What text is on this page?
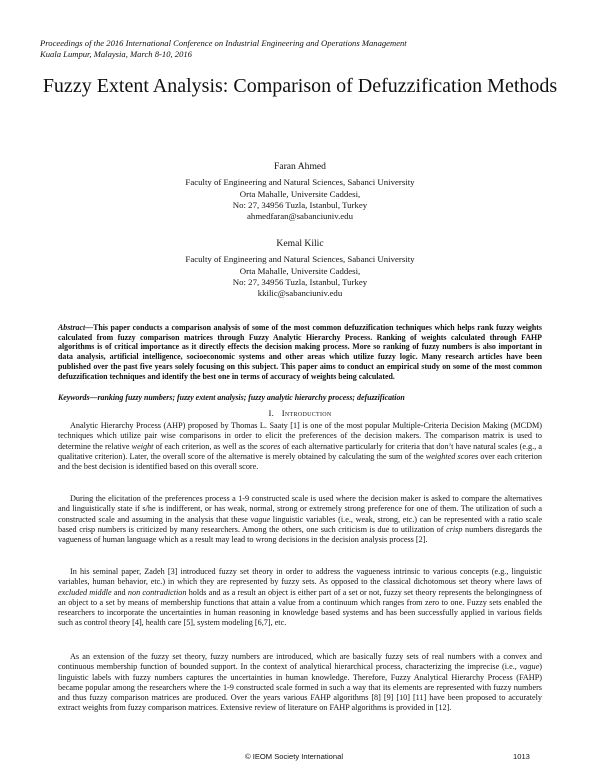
Proceedings of the 2016 International Conference on Industrial Engineering and Operations Management
Kuala Lumpur, Malaysia, March 8-10, 2016
Fuzzy Extent Analysis: Comparison of Defuzzification Methods
Faran Ahmed
Faculty of Engineering and Natural Sciences, Sabanci University
Orta Mahalle, Universite Caddesi,
No: 27, 34956 Tuzla, Istanbul, Turkey
ahmedfaran@sabanciuniv.edu
Kemal Kilic
Faculty of Engineering and Natural Sciences, Sabanci University
Orta Mahalle, Universite Caddesi,
No: 27, 34956 Tuzla, Istanbul, Turkey
kkilic@sabanciuniv.edu
Abstract—This paper conducts a comparison analysis of some of the most common defuzzification techniques which helps rank fuzzy weights calculated from fuzzy comparison matrices through Fuzzy Analytic Hierarchy Process. Ranking of weights calculated through FAHP algorithms is of critical importance as it directly effects the decision making process. More so ranking of fuzzy numbers is also important in data analysis, artificial intelligence, socioeconomic systems and other areas which utilize fuzzy logic. Many research articles have been published over the past five years solely focusing on this subject. This paper aims to conduct an empirical study on some of the most common defuzzification techniques and identify the best one in terms of accuracy of weights being calculated.
Keywords—ranking fuzzy numbers; fuzzy extent analysis; fuzzy analytic hierarchy process; defuzzification
I. Introduction
Analytic Hierarchy Process (AHP) proposed by Thomas L. Saaty [1] is one of the most popular Multiple-Criteria Decision Making (MCDM) techniques which utilize pair wise comparisons in order to elicit the preferences of the decision makers. The comparison matrix is used to determine the relative weight of each criterion, as well as the scores of each alternative particularly for criteria that don’t have natural scales (e.g., a qualitative criterion). Later, the overall score of the alternative is merely obtained by calculating the sum of the weighted scores over each criterion and the best decision is identified based on this overall score.
During the elicitation of the preferences process a 1-9 constructed scale is used where the decision maker is asked to compare the alternatives and linguistically state if s/he is indifferent, or has weak, normal, strong or extremely strong preference for one of them. The utilization of such a constructed scale and assuming in the analysis that these vague linguistic variables (i.e., weak, strong, etc.) can be represented with a ratio scale based crisp numbers is criticized by many researchers. Among the others, one such criticism is due to utilization of crisp numbers disregards the vagueness of human language which as a result may lead to wrong decisions in the decision analysis process [2].
In his seminal paper, Zadeh [3] introduced fuzzy set theory in order to address the vagueness intrinsic to various concepts (e.g., linguistic variables, human behavior, etc.) in which they are represented by fuzzy sets. As opposed to the classical dichotomous set theory where laws of excluded middle and non contradiction holds and as a result an object is either part of a set or not, fuzzy set theory represents the belongingness of an object to a set by means of membership functions that attain a value from a continuum which ranges from zero to one. Fuzzy sets enabled the researchers to incorporate the uncertainties in human reasoning in knowledge based systems and has been successfully applied in various fields such as control theory [4], health care [5], system modeling [6,7], etc.
As an extension of the fuzzy set theory, fuzzy numbers are introduced, which are basically fuzzy sets of real numbers with a convex and continuous membership function of bounded support. In the context of analytical hierarchical process, characterizing the imprecise (i.e., vague) linguistic labels with fuzzy numbers captures the uncertainties in human knowledge. Therefore, Fuzzy Analytical Hierarchy Process (FAHP) became popular among the researchers where the 1-9 constructed scale formed in such a way that its elements are represented with fuzzy numbers and thus fuzzy comparison matrices are produced. Over the years various FAHP algorithms [8] [9] [10] [11] have been proposed to accurately extract weights from fuzzy comparison matrices. Extensive review of literature on FAHP algorithms is provided in [12].
© IEOM Society International	1013
